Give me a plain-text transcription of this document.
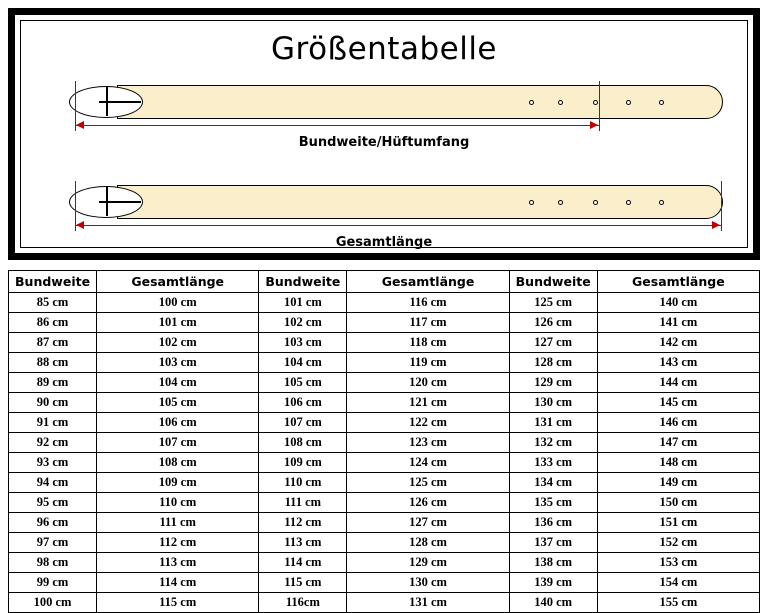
Größentabelle
Bundweite/Hüftumfang
Gesamtlänge
Bundweite	Gesamtlänge	Bundweite	Gesamtlänge	Bundweite	Gesamtlänge
85 cm	100 cm	101 cm	116 cm	125 cm	140 cm
86 cm	101 cm	102 cm	117 cm	126 cm	141 cm
87 cm	102 cm	103 cm	118 cm	127 cm	142 cm
88 cm	103 cm	104 cm	119 cm	128 cm	143 cm
89 cm	104 cm	105 cm	120 cm	129 cm	144 cm
90 cm	105 cm	106 cm	121 cm	130 cm	145 cm
91 cm	106 cm	107 cm	122 cm	131 cm	146 cm
92 cm	107 cm	108 cm	123 cm	132 cm	147 cm
93 cm	108 cm	109 cm	124 cm	133 cm	148 cm
94 cm	109 cm	110 cm	125 cm	134 cm	149 cm
95 cm	110 cm	111 cm	126 cm	135 cm	150 cm
96 cm	111 cm	112 cm	127 cm	136 cm	151 cm
97 cm	112 cm	113 cm	128 cm	137 cm	152 cm
98 cm	113 cm	114 cm	129 cm	138 cm	153 cm
99 cm	114 cm	115 cm	130 cm	139 cm	154 cm
100 cm	115 cm	116cm	131 cm	140 cm	155 cm
